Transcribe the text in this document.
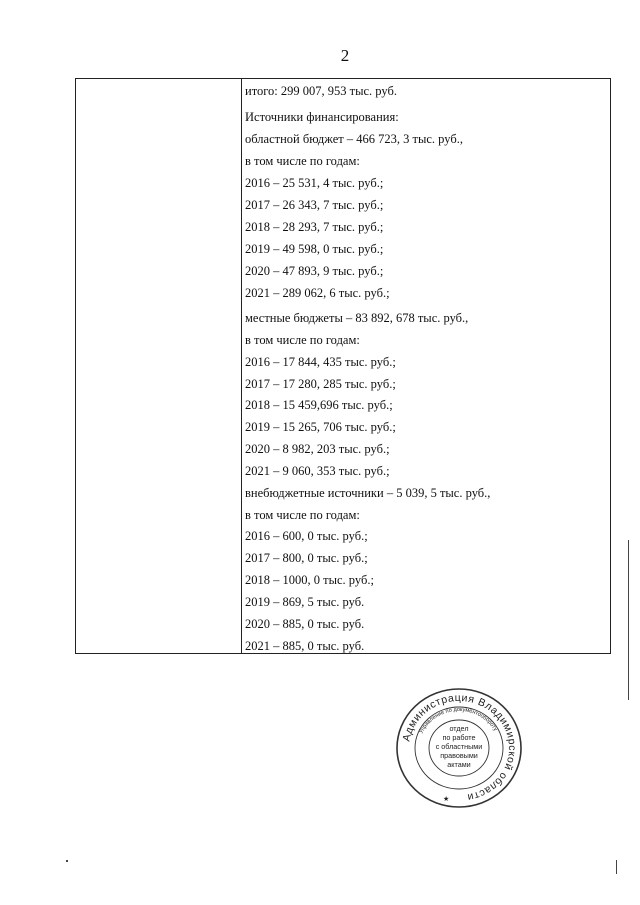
2
итого: 299 007, 953 тыс. руб.
Источники финансирования:
областной бюджет – 466 723, 3 тыс. руб.,
в том числе по годам:
2016 – 25 531, 4 тыс. руб.;
2017 – 26 343, 7 тыс. руб.;
2018 – 28 293, 7 тыс. руб.;
2019 – 49 598, 0 тыс. руб.;
2020 – 47 893, 9 тыс. руб.;
2021 – 289 062, 6 тыс. руб.;
местные бюджеты – 83 892, 678 тыс. руб.,
в том числе по годам:
2016 – 17 844, 435 тыс. руб.;
2017 – 17 280, 285 тыс. руб.;
2018 – 15 459,696 тыс. руб.;
2019 – 15 265, 706 тыс. руб.;
2020 – 8 982, 203 тыс. руб.;
2021 – 9 060, 353 тыс. руб.;
внебюджетные источники – 5 039, 5 тыс. руб.,
в том числе по годам:
2016 – 600, 0 тыс. руб.;
2017 – 800, 0 тыс. руб.;
2018 – 1000, 0 тыс. руб.;
2019 – 869, 5 тыс. руб.
2020 – 885, 0 тыс. руб.
2021 – 885, 0 тыс. руб.
Администрация Владимирской области
Управление по документообороту
отдел
по работе
с областными
правовыми
актами
★
